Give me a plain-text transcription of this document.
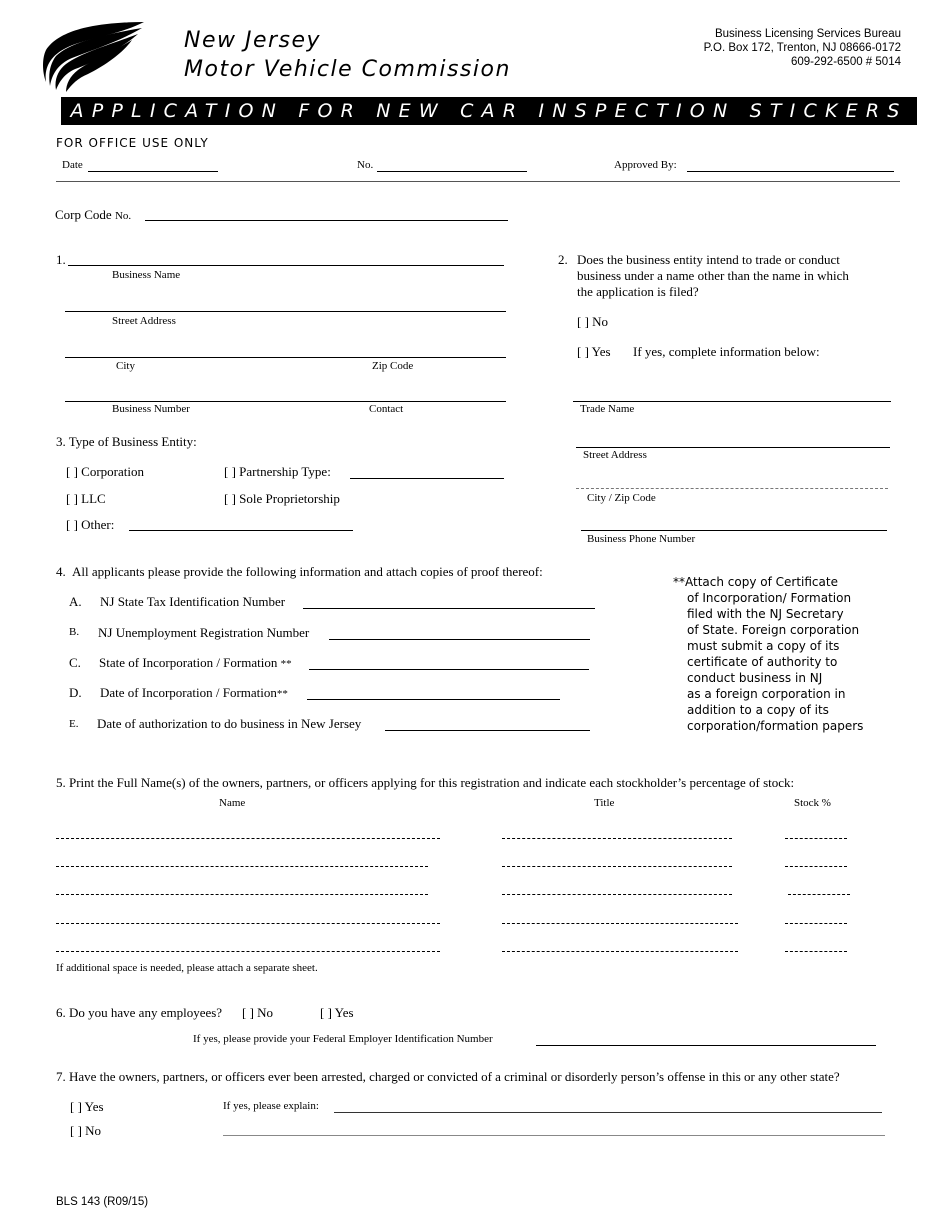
New Jersey
Motor Vehicle Commission
Business Licensing Services Bureau
P.O. Box 172, Trenton, NJ 08666-0172
609-292-6500 # 5014
APPLICATION FOR NEW CAR INSPECTION STICKERS
FOR OFFICE USE ONLY
Date	No.	Approved By:
Corp Code No.
1.
Business Name
Street Address
City	Zip Code
Business Number	Contact
2. Does the business entity intend to trade or conduct
business under a name other than the name in which
the application is filed?
[ ] No
[ ] Yes If yes, complete information below:
Trade Name
Street Address
City / Zip Code
Business Phone Number
3. Type of Business Entity:
[ ] Corporation	[ ] Partnership Type:
[ ] LLC	[ ] Sole Proprietorship
[ ] Other:
4. All applicants please provide the following information and attach copies of proof thereof:
A. NJ State Tax Identification Number
B. NJ Unemployment Registration Number
C. State of Incorporation / Formation **
D. Date of Incorporation / Formation**
E. Date of authorization to do business in New Jersey
**Attach copy of Certificate
of Incorporation/ Formation
filed with the NJ Secretary
of State. Foreign corporation
must submit a copy of its
certificate of authority to
conduct business in NJ
as a foreign corporation in
addition to a copy of its
corporation/formation papers
5. Print the Full Name(s) of the owners, partners, or officers applying for this registration and indicate each stockholder’s percentage of stock:
Name	Title	Stock %
If additional space is needed, please attach a separate sheet.
6. Do you have any employees? [ ] No	[ ] Yes
If yes, please provide your Federal Employer Identification Number
7. Have the owners, partners, or officers ever been arrested, charged or convicted of a criminal or disorderly person’s offense in this or any other state?
[ ] Yes	If yes, please explain:
[ ] No
BLS 143 (R09/15)
